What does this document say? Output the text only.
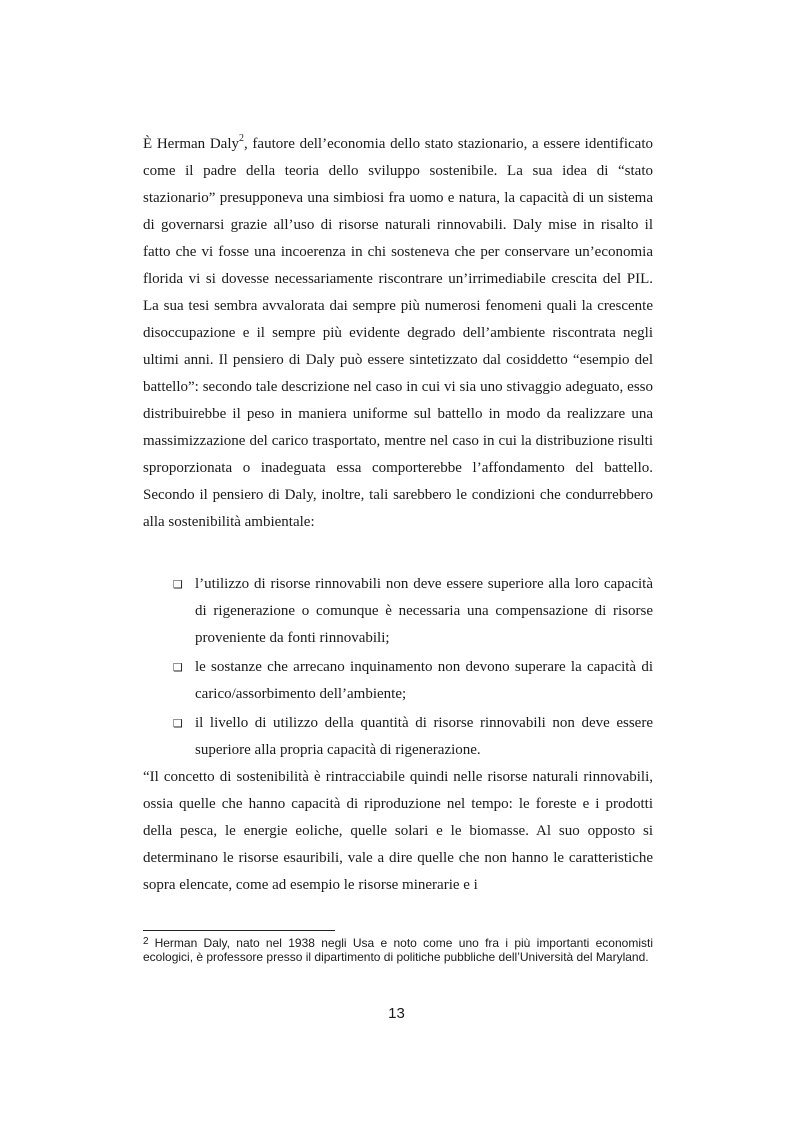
È Herman Daly$^2$, fautore dell’economia dello stato stazionario, a essere identificato come il padre della teoria dello sviluppo sostenibile. La sua idea di “stato stazionario” presupponeva una simbiosi fra uomo e natura, la capacità di un sistema di governarsi grazie all’uso di risorse naturali rinnovabili. Daly mise in risalto il fatto che vi fosse una incoerenza in chi sosteneva che per conservare un’economia florida vi si dovesse necessariamente riscontrare un’irrimediabile crescita del PIL. La sua tesi sembra avvalorata dai sempre più numerosi fenomeni quali la crescente disoccupazione e il sempre più evidente degrado dell’ambiente riscontrata negli ultimi anni. Il pensiero di Daly può essere sintetizzato dal cosiddetto “esempio del battello”: secondo tale descrizione nel caso in cui vi sia uno stivaggio adeguato, esso distribuirebbe il peso in maniera uniforme sul battello in modo da realizzare una massimizzazione del carico trasportato, mentre nel caso in cui la distribuzione risulti sproporzionata o inadeguata essa comporterebbe l’affondamento del battello. Secondo il pensiero di Daly, inoltre, tali sarebbero le condizioni che condurrebbero alla sostenibilità ambientale:

❑ l’utilizzo di risorse rinnovabili non deve essere superiore alla loro capacità di rigenerazione o comunque è necessaria una compensazione di risorse proveniente da fonti rinnovabili;
❑ le sostanze che arrecano inquinamento non devono superare la capacità di carico/assorbimento dell’ambiente;
❑ il livello di utilizzo della quantità di risorse rinnovabili non deve essere superiore alla propria capacità di rigenerazione.

“Il concetto di sostenibilità è rintracciabile quindi nelle risorse naturali rinnovabili, ossia quelle che hanno capacità di riproduzione nel tempo: le foreste e i prodotti della pesca, le energie eoliche, quelle solari e le biomasse. Al suo opposto si determinano le risorse esauribili, vale a dire quelle che non hanno le caratteristiche sopra elencate, come ad esempio le risorse minerarie e i

$^2$ Herman Daly, nato nel 1938 negli Usa e noto come uno fra i più importanti economisti ecologici, è professore presso il dipartimento di politiche pubbliche dell’Università del Maryland.

13
